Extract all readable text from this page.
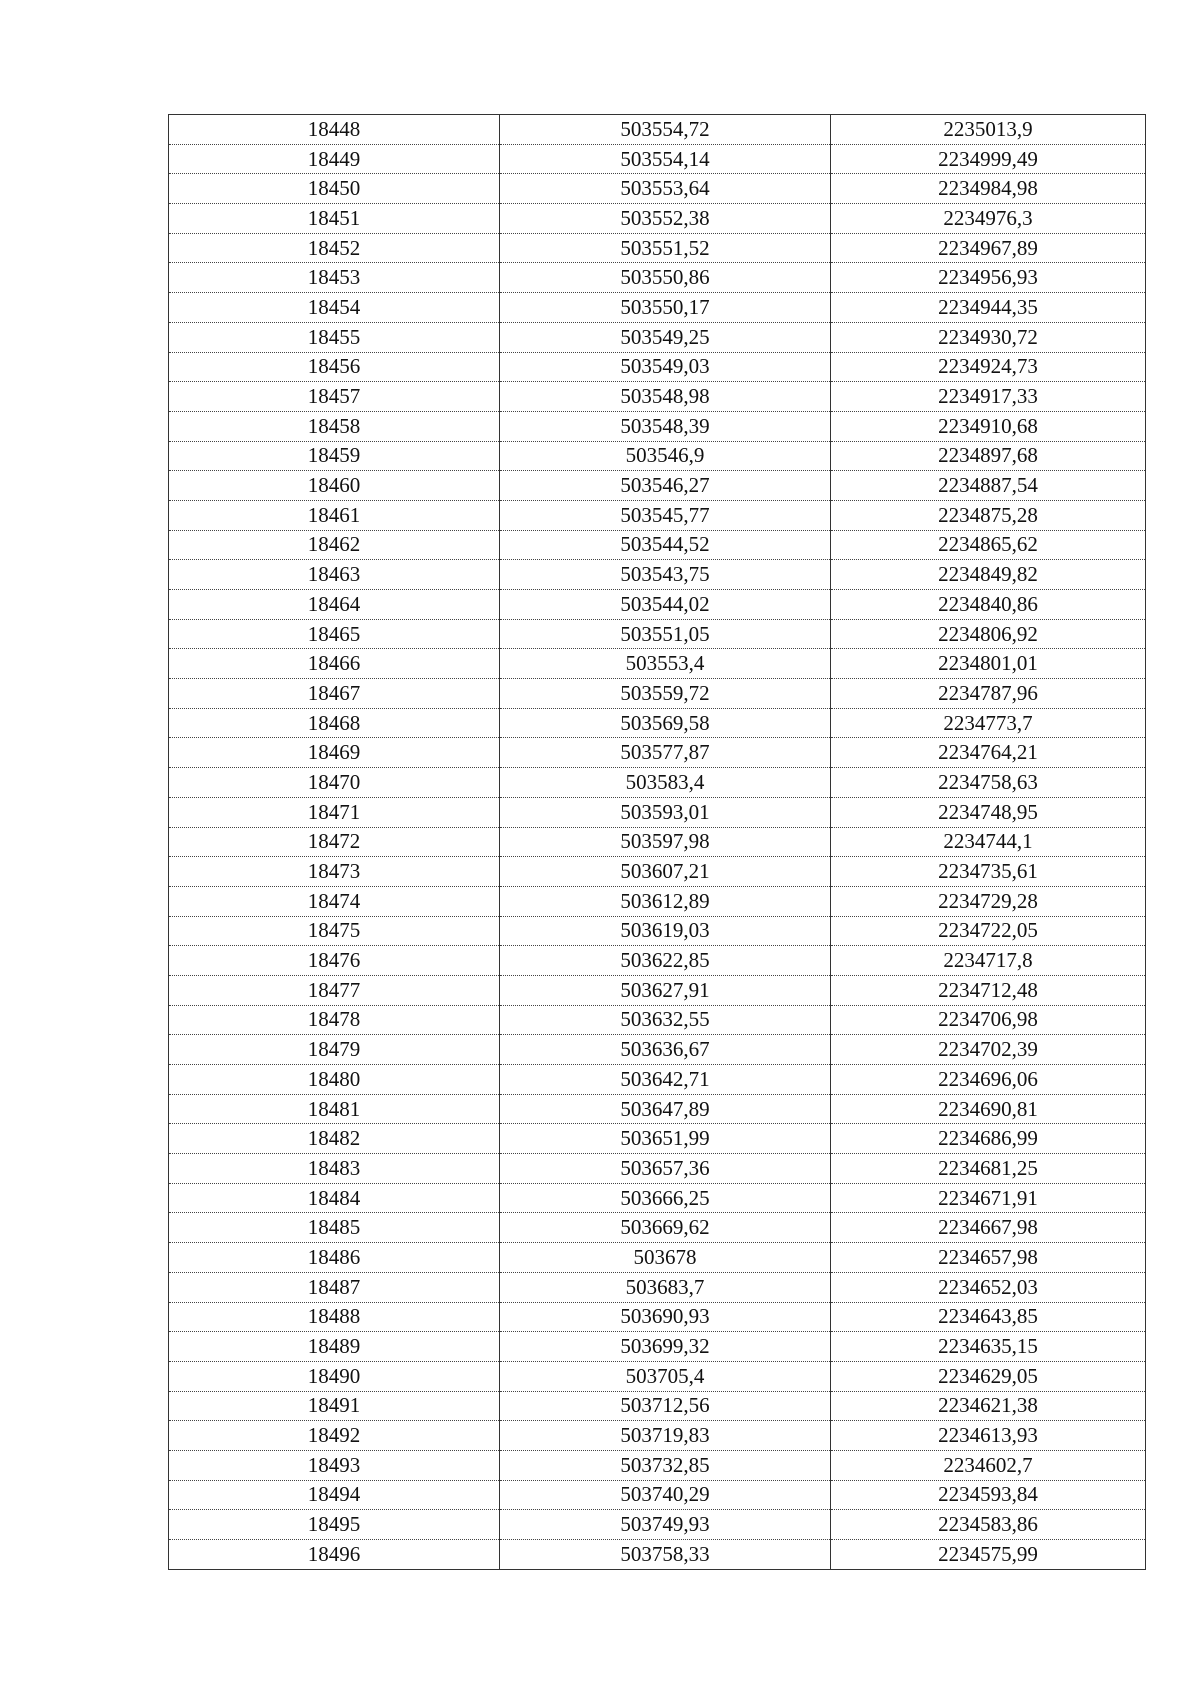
18448	503554,72	2235013,9
18449	503554,14	2234999,49
18450	503553,64	2234984,98
18451	503552,38	2234976,3
18452	503551,52	2234967,89
18453	503550,86	2234956,93
18454	503550,17	2234944,35
18455	503549,25	2234930,72
18456	503549,03	2234924,73
18457	503548,98	2234917,33
18458	503548,39	2234910,68
18459	503546,9	2234897,68
18460	503546,27	2234887,54
18461	503545,77	2234875,28
18462	503544,52	2234865,62
18463	503543,75	2234849,82
18464	503544,02	2234840,86
18465	503551,05	2234806,92
18466	503553,4	2234801,01
18467	503559,72	2234787,96
18468	503569,58	2234773,7
18469	503577,87	2234764,21
18470	503583,4	2234758,63
18471	503593,01	2234748,95
18472	503597,98	2234744,1
18473	503607,21	2234735,61
18474	503612,89	2234729,28
18475	503619,03	2234722,05
18476	503622,85	2234717,8
18477	503627,91	2234712,48
18478	503632,55	2234706,98
18479	503636,67	2234702,39
18480	503642,71	2234696,06
18481	503647,89	2234690,81
18482	503651,99	2234686,99
18483	503657,36	2234681,25
18484	503666,25	2234671,91
18485	503669,62	2234667,98
18486	503678	2234657,98
18487	503683,7	2234652,03
18488	503690,93	2234643,85
18489	503699,32	2234635,15
18490	503705,4	2234629,05
18491	503712,56	2234621,38
18492	503719,83	2234613,93
18493	503732,85	2234602,7
18494	503740,29	2234593,84
18495	503749,93	2234583,86
18496	503758,33	2234575,99
